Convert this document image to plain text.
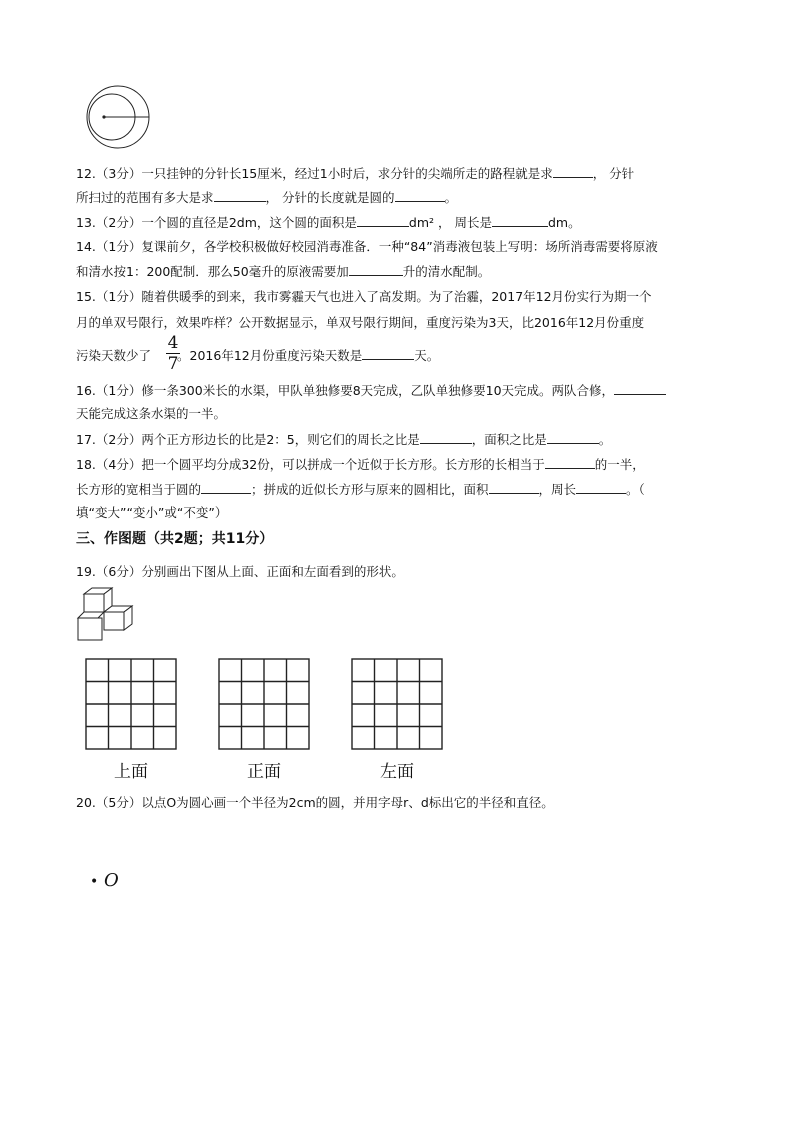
12.（3分）一只挂钟的分针长15厘米，经过1小时后，求分针的尖端所走的路程就是求	， 分针
所扫过的范围有多大是求	， 分针的长度就是圆的	。
13.（2分）一个圆的直径是2dm，这个圆的面积是	dm² ， 周长是	dm。
14.（1分）复课前夕，各学校积极做好校园消毒准备．一种“84”消毒液包装上写明：场所消毒需要将原液
和清水按1：200配制．那么50毫升的原液需要加	升的清水配制。
15.（1分）随着供暖季的到来，我市雾霾天气也进入了高发期。为了治霾，2017年12月份实行为期一个
月的单双号限行，效果咋样？公开数据显示，单双号限行期间，重度污染为3天，比2016年12月份重度
污染天数少了 。2016年12月份重度污染天数是	天。
4
7
16.（1分）修一条300米长的水渠，甲队单独修要8天完成，乙队单独修要10天完成。两队合修，
天能完成这条水渠的一半。
17.（2分）两个正方形边长的比是2：5，则它们的周长之比是	，面积之比是	。
18.（4分）把一个圆平均分成32份，可以拼成一个近似于长方形。长方形的长相当于	的一半，
长方形的宽相当于圆的	；拼成的近似长方形与原来的圆相比，面积	，周长	。（
填“变大”“变小”或“不变”）
三、作图题（共2题；共11分）
19.（6分）分别画出下图从上面、正面和左面看到的形状。
上面	正面	左面
20.（5分）以点O为圆心画一个半径为2cm的圆，并用字母r、d标出它的半径和直径。
• O
